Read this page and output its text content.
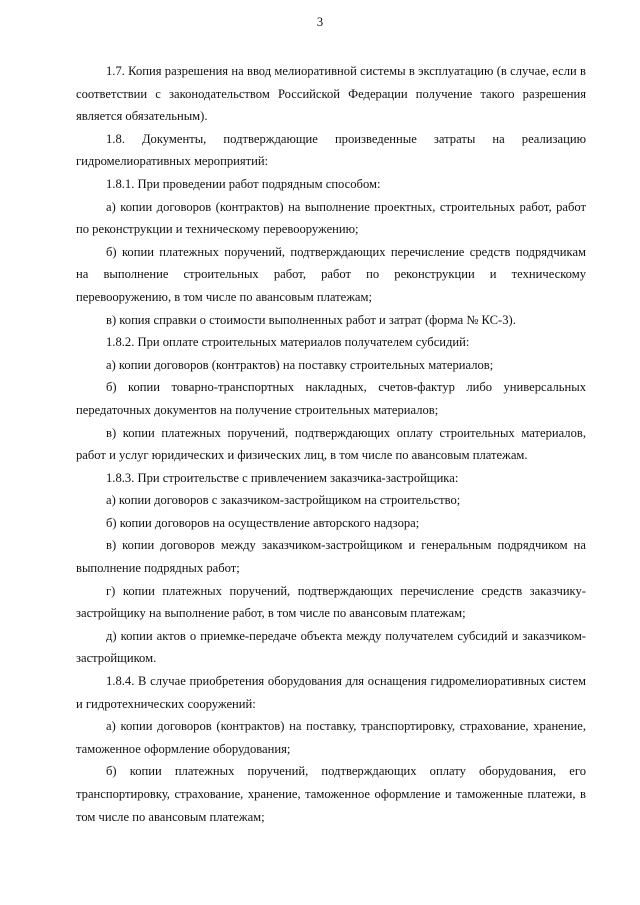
3

1.7. Копия разрешения на ввод мелиоративной системы в эксплуатацию (в случае, если в соответствии с законодательством Российской Федерации получение такого разрешения является обязательным).

1.8. Документы, подтверждающие произведенные затраты на реализацию гидромелиоративных мероприятий:

1.8.1. При проведении работ подрядным способом:

а) копии договоров (контрактов) на выполнение проектных, строительных работ, работ по реконструкции и техническому перевооружению;

б) копии платежных поручений, подтверждающих перечисление средств подрядчикам на выполнение строительных работ, работ по реконструкции и техническому перевооружению, в том числе по авансовым платежам;

в) копия справки о стоимости выполненных работ и затрат (форма № КС-3).

1.8.2. При оплате строительных материалов получателем субсидий:

а) копии договоров (контрактов) на поставку строительных материалов;

б) копии товарно-транспортных накладных, счетов-фактур либо универсальных передаточных документов на получение строительных материалов;

в) копии платежных поручений, подтверждающих оплату строительных материалов, работ и услуг юридических и физических лиц, в том числе по авансовым платежам.

1.8.3. При строительстве с привлечением заказчика-застройщика:

а) копии договоров с заказчиком-застройщиком на строительство;

б) копии договоров на осуществление авторского надзора;

в) копии договоров между заказчиком-застройщиком и генеральным подрядчиком на выполнение подрядных работ;

г) копии платежных поручений, подтверждающих перечисление средств заказчику-застройщику на выполнение работ, в том числе по авансовым платежам;

д) копии актов о приемке-передаче объекта между получателем субсидий и заказчиком-застройщиком.

1.8.4. В случае приобретения оборудования для оснащения гидромелиоративных систем и гидротехнических сооружений:

а) копии договоров (контрактов) на поставку, транспортировку, страхование, хранение, таможенное оформление оборудования;

б) копии платежных поручений, подтверждающих оплату оборудования, его транспортировку, страхование, хранение, таможенное оформление и таможенные платежи, в том числе по авансовым платежам;
